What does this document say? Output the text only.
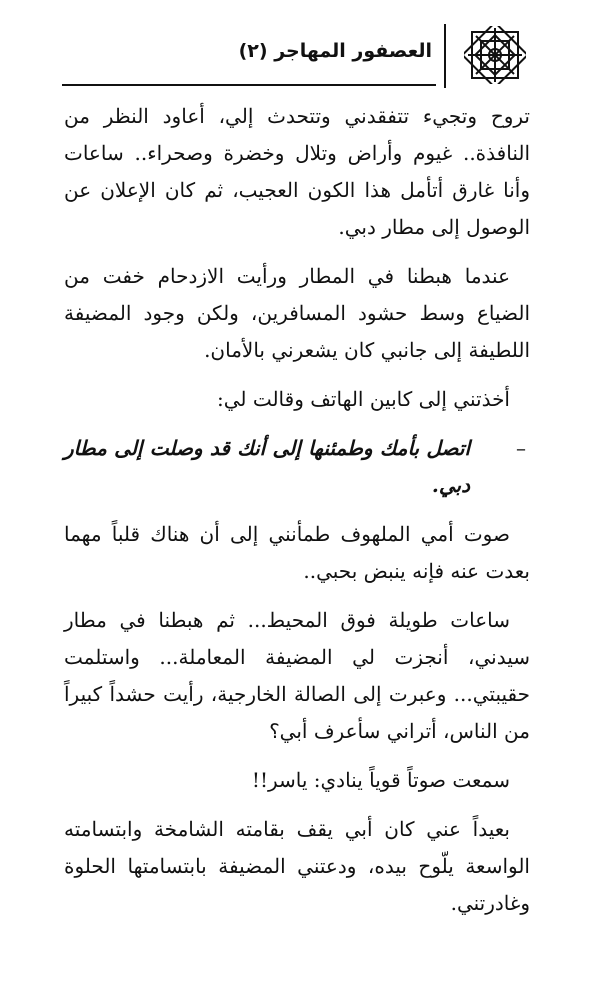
العصفور المهاجر (٢)

تروح وتجيء تتفقدني وتتحدث إلي، أعاود النظر من النافذة.. غيوم وأراض وتلال وخضرة وصحراء.. ساعات وأنا غارق أتأمل هذا الكون العجيب، ثم كان الإعلان عن الوصول إلى مطار دبي.

عندما هبطنا في المطار ورأيت الازدحام خفت من الضياع وسط حشود المسافرين، ولكن وجود المضيفة اللطيفة إلى جانبي كان يشعرني بالأمان.

أخذتني إلى كابين الهاتف وقالت لي:

–
اتصل بأمك وطمئنها إلى أنك قد وصلت إلى مطار دبي.

صوت أمي الملهوف طمأنني إلى أن هناك قلباً مهما بعدت عنه فإنه ينبض بحبي..

ساعات طويلة فوق المحيط... ثم هبطنا في مطار سيدني، أنجزت لي المضيفة المعاملة... واستلمت حقيبتي... وعبرت إلى الصالة الخارجية، رأيت حشداً كبيراً من الناس، أتراني سأعرف أبي؟

سمعت صوتاً قوياً ينادي: ياسر!!

بعيداً عني كان أبي يقف بقامته الشامخة وابتسامته الواسعة يلّوح بيده، ودعتني المضيفة بابتسامتها الحلوة وغادرتني.
